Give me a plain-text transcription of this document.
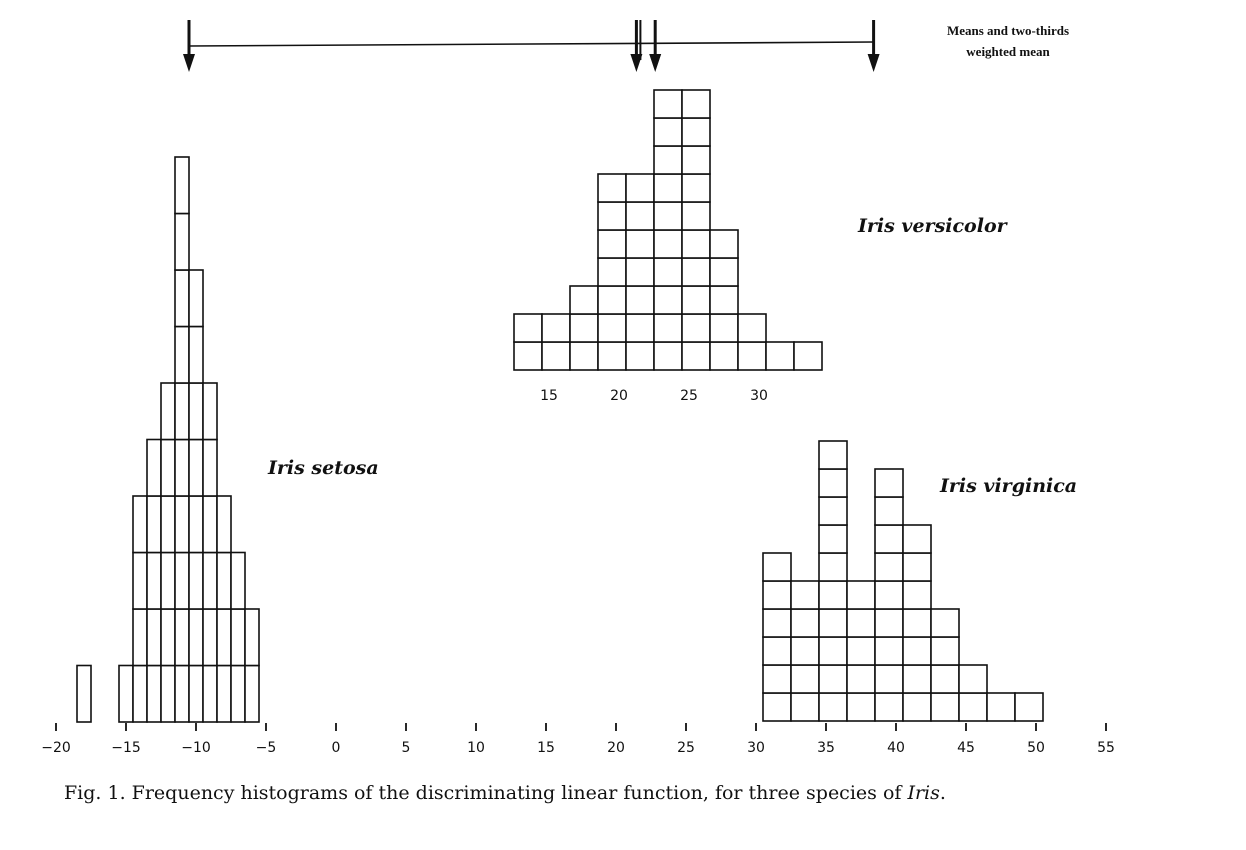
Means and two-thirds
weighted mean
−20	−15	−10	−5	0	5	10	15	20	25	30	35	40	45	50	55
15	20	25	30
Iris setosa
Iris versicolor
Iris virginica
Fig. 1. Frequency histograms of the discriminating linear function, for three species of Iris.
